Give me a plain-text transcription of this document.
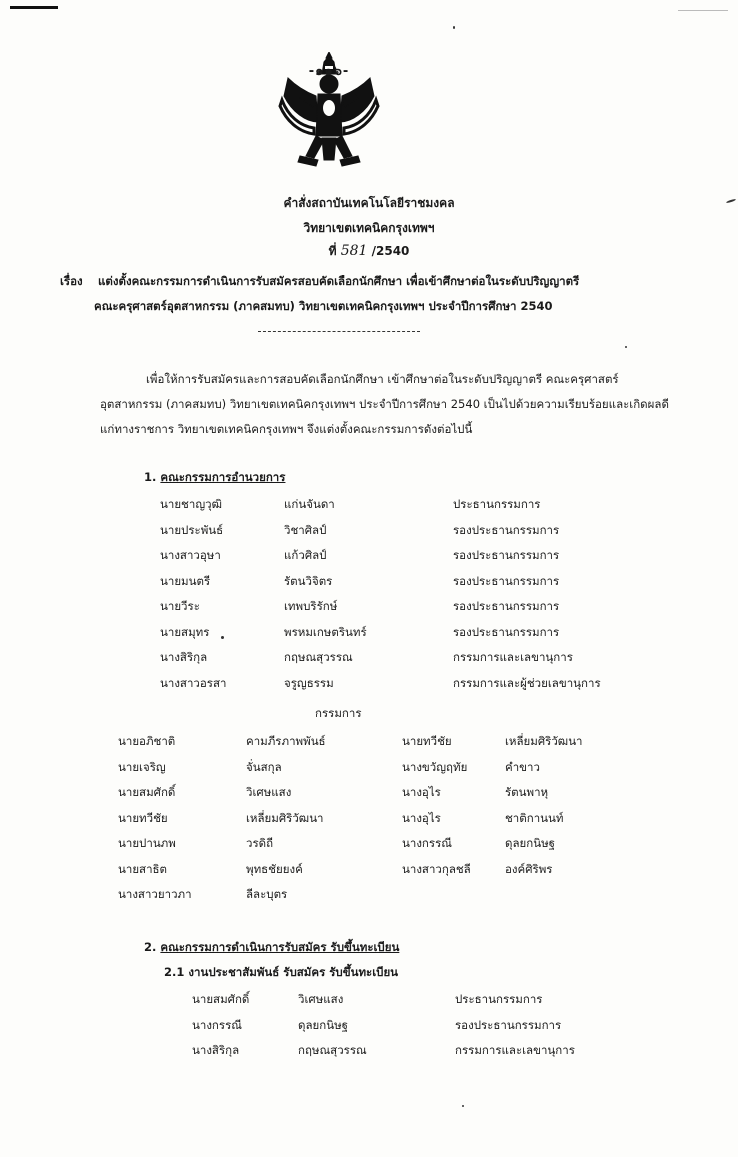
-๑๑๖-
คำสั่งสถาบันเทคโนโลยีราชมงคล
วิทยาเขตเทคนิคกรุงเทพฯ
ที่ 581 /2540
เรื่อง แต่งตั้งคณะกรรมการดำเนินการรับสมัครสอบคัดเลือกนักศึกษา เพื่อเข้าศึกษาต่อในระดับปริญญาตรี
คณะครุศาสตร์อุตสาหกรรม (ภาคสมทบ) วิทยาเขตเทคนิคกรุงเทพฯ ประจำปีการศึกษา 2540
เพื่อให้การรับสมัครและการสอบคัดเลือกนักศึกษา เข้าศึกษาต่อในระดับปริญญาตรี คณะครุศาสตร์
อุตสาหกรรม (ภาคสมทบ) วิทยาเขตเทคนิคกรุงเทพฯ ประจำปีการศึกษา 2540 เป็นไปด้วยความเรียบร้อยและเกิดผลดี
แก่ทางราชการ วิทยาเขตเทคนิคกรุงเทพฯ จึงแต่งตั้งคณะกรรมการดังต่อไปนี้
1. คณะกรรมการอำนวยการ
นายชาญวุฒิ	แก่นจันดา	ประธานกรรมการ
นายประพันธ์	วิชาศิลป์	รองประธานกรรมการ
นางสาวอุษา	แก้วศิลป์	รองประธานกรรมการ
นายมนตรี	รัตนวิจิตร	รองประธานกรรมการ
นายวีระ	เทพบริรักษ์	รองประธานกรรมการ
นายสมุทร	พรหมเกษตรินทร์	รองประธานกรรมการ
นางสิริกุล	กฤษณสุวรรณ	กรรมการและเลขานุการ
นางสาวอรสา	จรูญธรรม	กรรมการและผู้ช่วยเลขานุการ
กรรมการ
นายอภิชาติ	คามภีรภาพพันธ์	นายทวีชัย	เหลี่ยมศิริวัฒนา
นายเจริญ	จั่นสกุล	นางขวัญฤทัย	คำขาว
นายสมศักดิ์	วิเศษแสง	นางอุไร	รัตนพาหุ
นายทวีชัย	เหลี่ยมศิริวัฒนา	นางอุไร	ชาติกานนท์
นายปานภพ	วรดิถี	นางกรรณี	ดุลยกนิษฐ
นายสาธิต	พุทธชัยยงค์	นางสาวกุลชลี	องค์ศิริพร
นางสาวยาวภา	ลีละบุตร
2. คณะกรรมการดำเนินการรับสมัคร รับขึ้นทะเบียน
2.1 งานประชาสัมพันธ์ รับสมัคร รับขึ้นทะเบียน
นายสมศักดิ์	วิเศษแสง	ประธานกรรมการ
นางกรรณี	ดุลยกนิษฐ	รองประธานกรรมการ
นางสิริกุล	กฤษณสุวรรณ	กรรมการและเลขานุการ
